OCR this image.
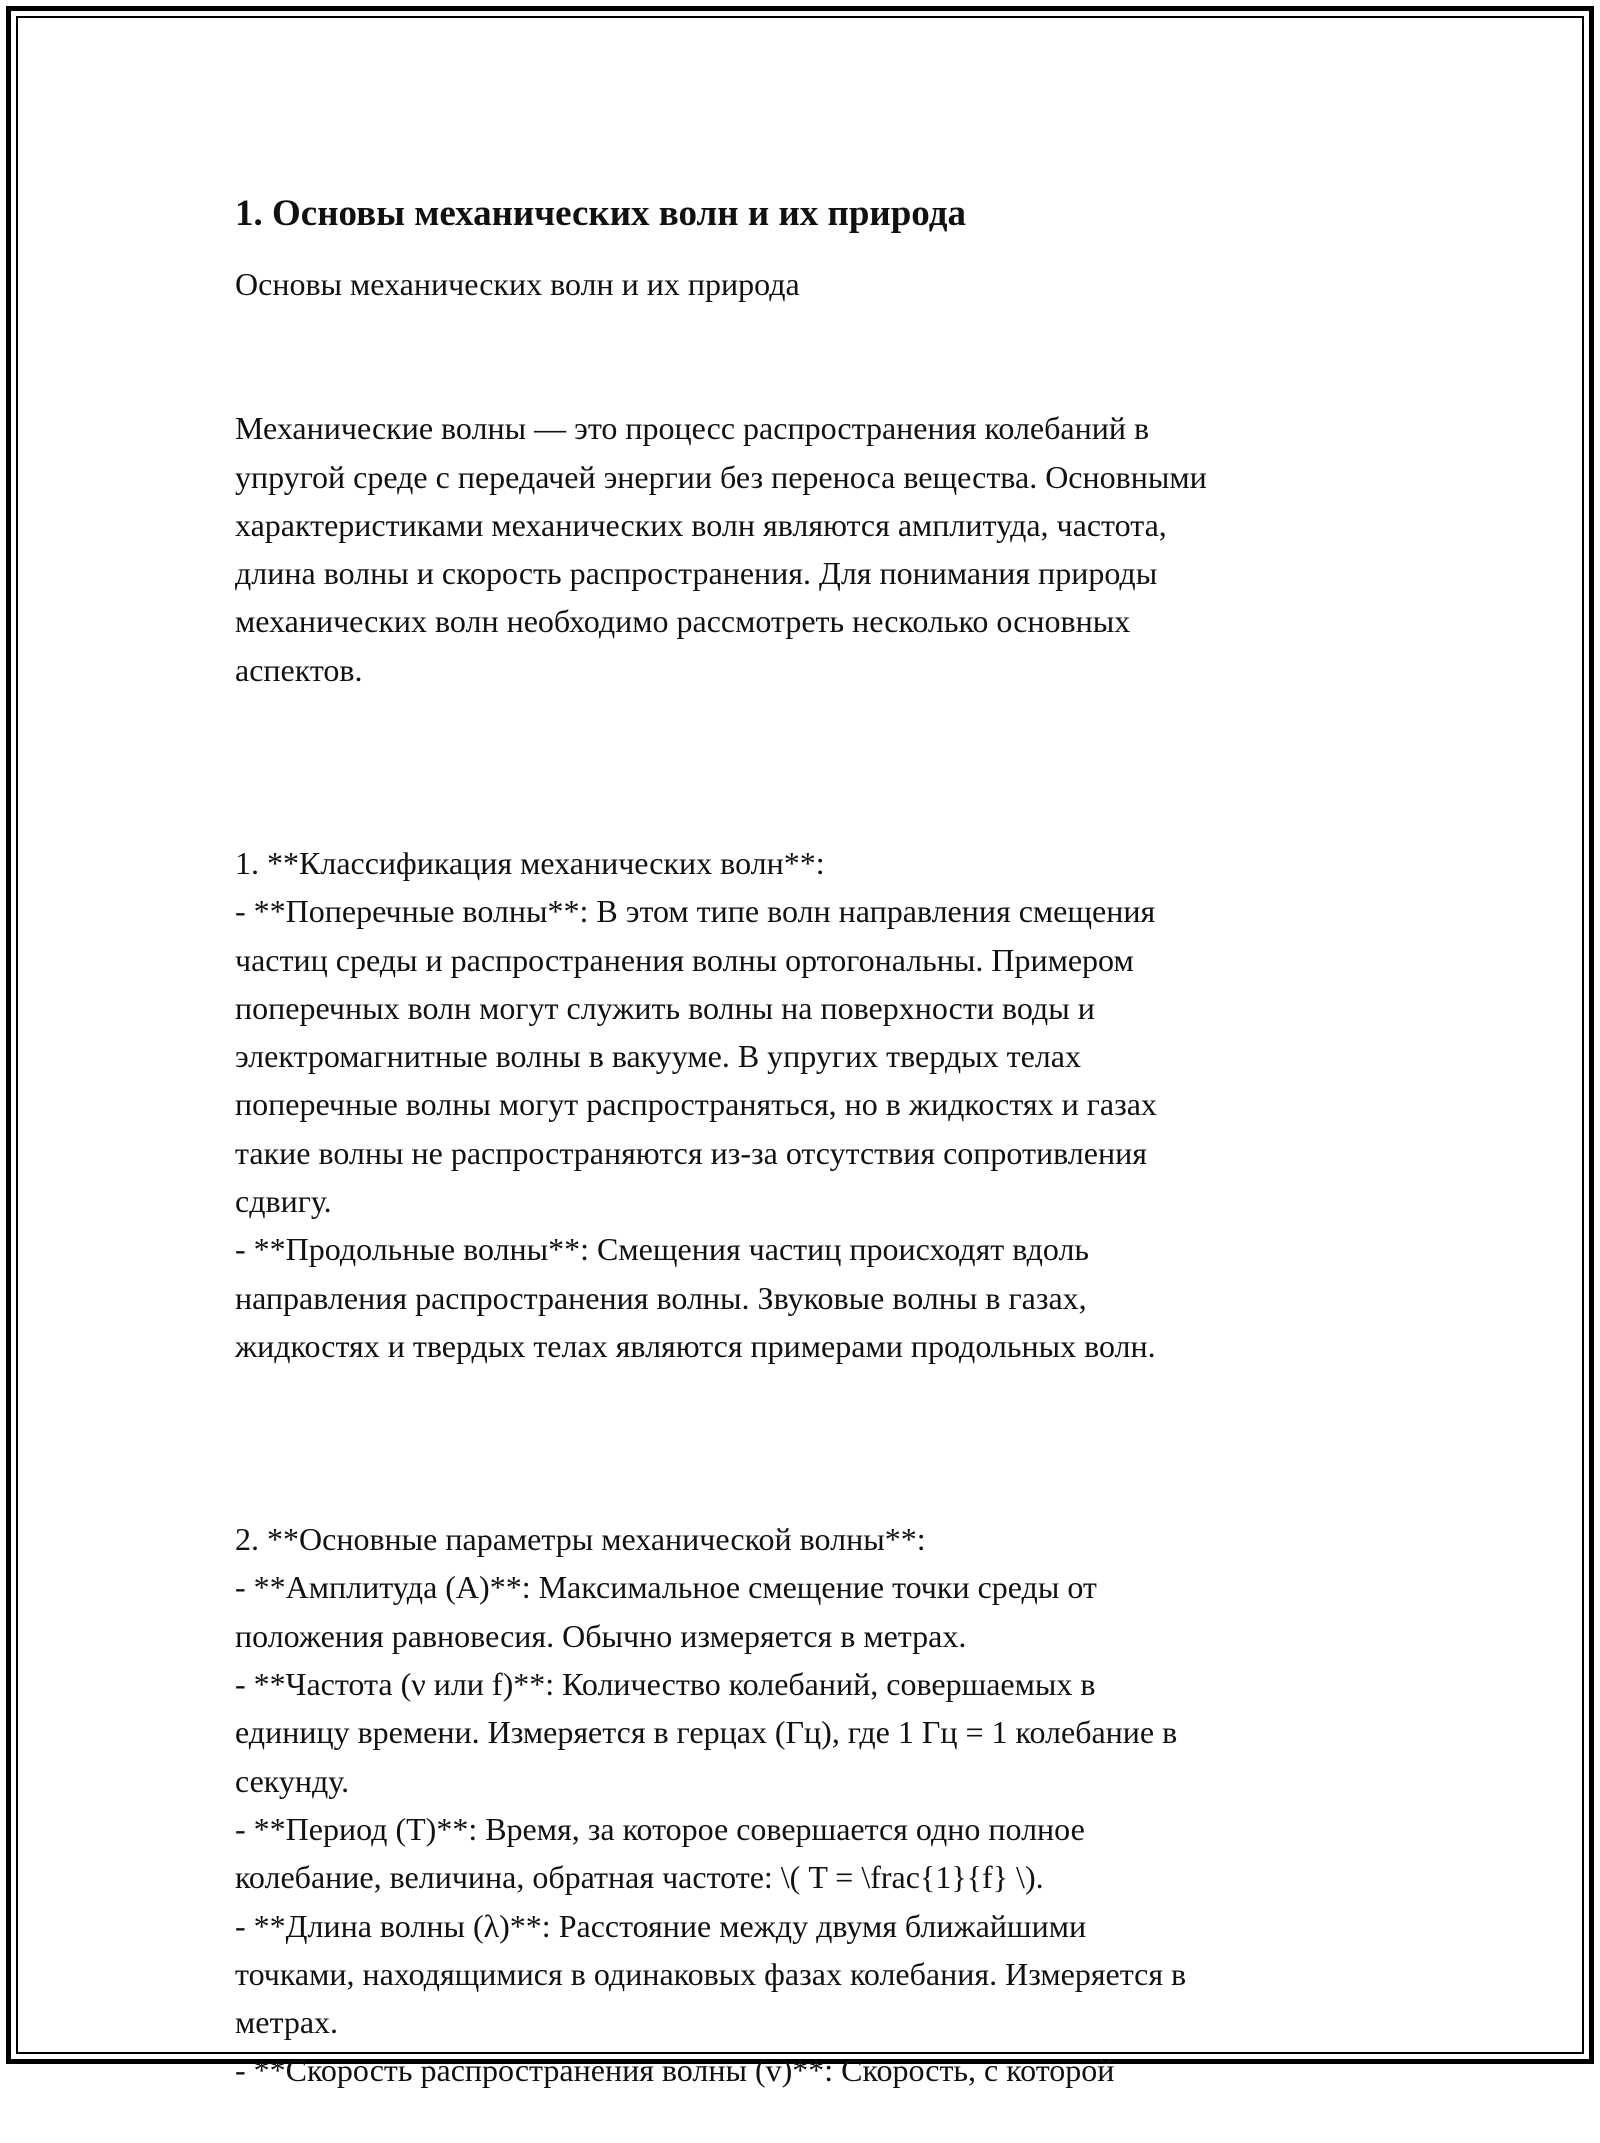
1. Основы механических волн и их природа

Основы механических волн и их природа

Механические волны — это процесс распространения колебаний в
упругой среде с передачей энергии без переноса вещества. Основными
характеристиками механических волн являются амплитуда, частота,
длина волны и скорость распространения. Для понимания природы
механических волн необходимо рассмотреть несколько основных
аспектов.

1. **Классификация механических волн**:
- **Поперечные волны**: В этом типе волн направления смещения
частиц среды и распространения волны ортогональны. Примером
поперечных волн могут служить волны на поверхности воды и
электромагнитные волны в вакууме. В упругих твердых телах
поперечные волны могут распространяться, но в жидкостях и газах
такие волны не распространяются из-за отсутствия сопротивления
сдвигу.
- **Продольные волны**: Смещения частиц происходят вдоль
направления распространения волны. Звуковые волны в газах,
жидкостях и твердых телах являются примерами продольных волн.

2. **Основные параметры механической волны**:
- **Амплитуда (A)**: Максимальное смещение точки среды от
положения равновесия. Обычно измеряется в метрах.
- **Частота (ν или f)**: Количество колебаний, совершаемых в
единицу времени. Измеряется в герцах (Гц), где 1 Гц = 1 колебание в
секунду.
- **Период (T)**: Время, за которое совершается одно полное
колебание, величина, обратная частоте: \( T = \frac{1}{f} \).
- **Длина волны (λ)**: Расстояние между двумя ближайшими
точками, находящимися в одинаковых фазах колебания. Измеряется в
метрах.
- **Скорость распространения волны (v)**: Скорость, с которой
